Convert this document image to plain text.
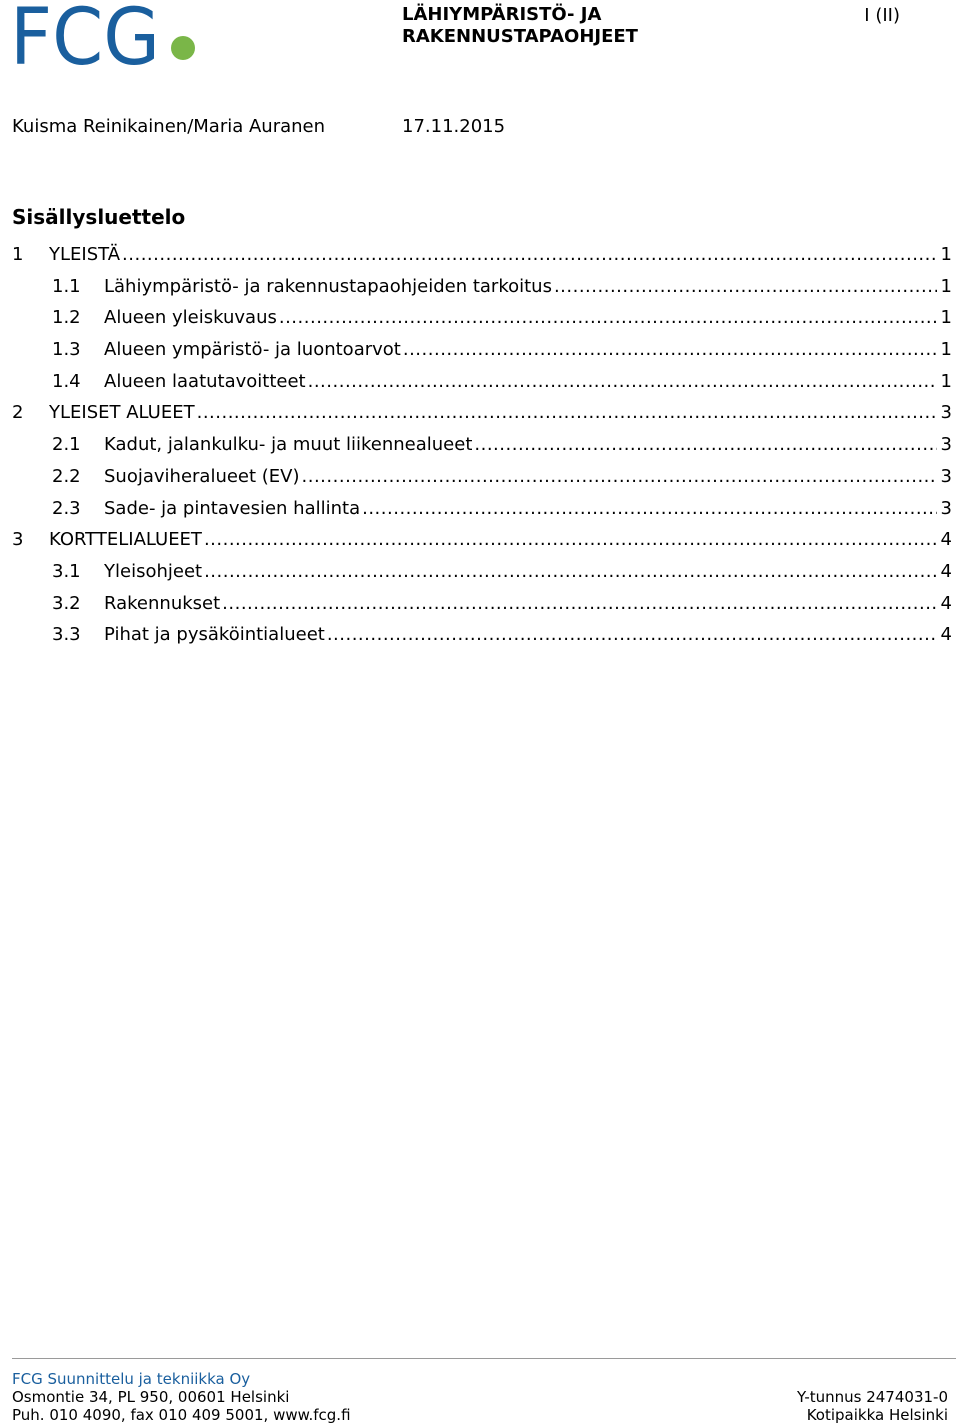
FCG	LÄHIYMPÄRISTÖ- JA
RAKENNUSTAPAOHJEET
I (II)
Kuisma Reinikainen/Maria Auranen	17.11.2015
Sisällysluettelo
1	YLEISTÄ .....	1
1.1	Lähiympäristö- ja rakennustapaohjeiden tarkoitus .....	1
1.2	Alueen yleiskuvaus .....	1
1.3	Alueen ympäristö- ja luontoarvot .....	1
1.4	Alueen laatutavoitteet .....	1
2	YLEISET ALUEET .....	3
2.1	Kadut, jalankulku- ja muut liikennealueet .....	3
2.2	Suojaviheralueet (EV) .....	3
2.3	Sade- ja pintavesien hallinta .....	3
3	KORTTELIALUEET .....	4
3.1	Yleisohjeet .....	4
3.2	Rakennukset .....	4
3.3	Pihat ja pysäköintialueet .....	4
FCG Suunnittelu ja tekniikka Oy
Osmontie 34, PL 950, 00601 Helsinki
Puh. 010 4090, fax 010 409 5001, www.fcg.fi
Y-tunnus 2474031-0
Kotipaikka Helsinki
